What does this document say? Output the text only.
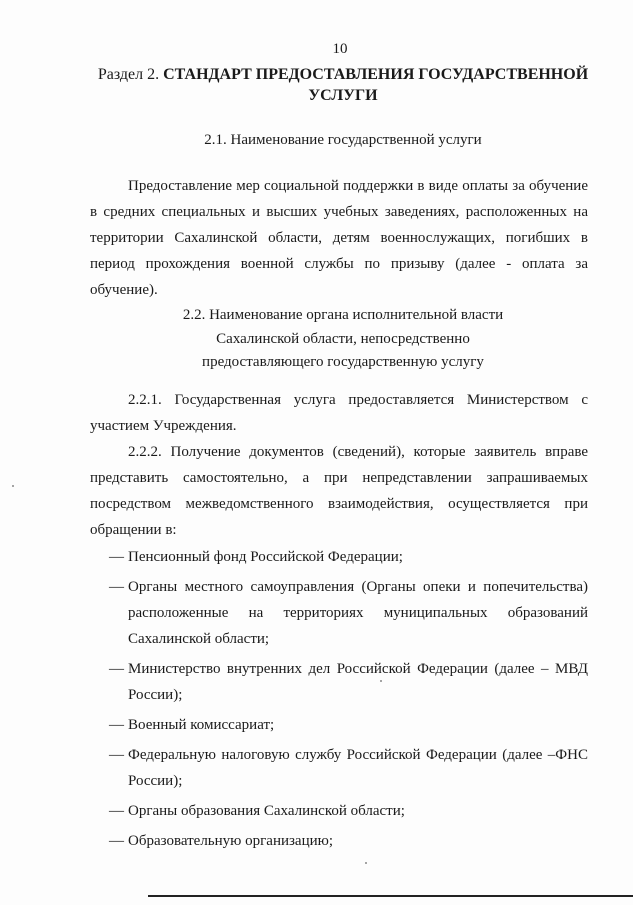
10
Раздел 2. СТАНДАРТ ПРЕДОСТАВЛЕНИЯ ГОСУДАРСТВЕННОЙ
УСЛУГИ
2.1. Наименование государственной услуги

Предоставление мер социальной поддержки в виде оплаты за обучение в средних специальных и высших учебных заведениях, расположенных на территории Сахалинской области, детям военнослужащих, погибших в период прохождения военной службы по призыву (далее - оплата за обучение).

2.2. Наименование органа исполнительной власти
Сахалинской области, непосредственно
предоставляющего государственную услугу

2.2.1. Государственная услуга предоставляется Министерством с участием Учреждения.

2.2.2. Получение документов (сведений), которые заявитель вправе представить самостоятельно, а при непредставлении запрашиваемых посредством межведомственного взаимодействия, осуществляется при обращении в:

— Пенсионный фонд Российской Федерации;
— Органы местного самоуправления (Органы опеки и попечительства) расположенные на территориях муниципальных образований Сахалинской области;
— Министерство внутренних дел Российской Федерации (далее – МВД России);
— Военный комиссариат;
— Федеральную налоговую службу Российской Федерации (далее –ФНС России);
— Органы образования Сахалинской области;
— Образовательную организацию;
